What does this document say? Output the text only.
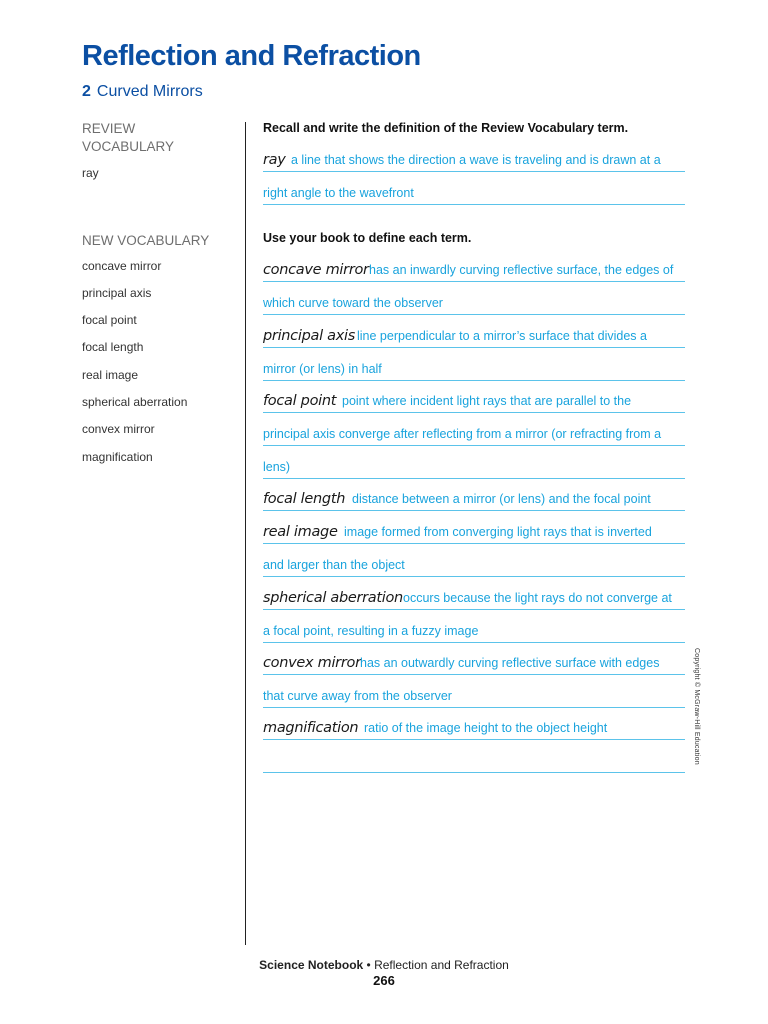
Reflection and Refraction
2 Curved Mirrors
REVIEW
VOCABULARY
ray
NEW VOCABULARY
concave mirror
principal axis
focal point
focal length
real image
spherical aberration
convex mirror
magnification
Recall and write the definition of the Review Vocabulary term.
ray a line that shows the direction a wave is traveling and is drawn at a
right angle to the wavefront
Use your book to define each term.
concave mirror has an inwardly curving reflective surface, the edges of
which curve toward the observer
principal axis line perpendicular to a mirror’s surface that divides a
mirror (or lens) in half
focal point point where incident light rays that are parallel to the
principal axis converge after reflecting from a mirror (or refracting from a
lens)
focal length distance between a mirror (or lens) and the focal point
real image image formed from converging light rays that is inverted
and larger than the object
spherical aberration occurs because the light rays do not converge at
a focal point, resulting in a fuzzy image
convex mirror has an outwardly curving reflective surface with edges
that curve away from the observer
magnification ratio of the image height to the object height	Copyright © McGraw-Hill Education
Science Notebook • Reflection and Refraction
266
